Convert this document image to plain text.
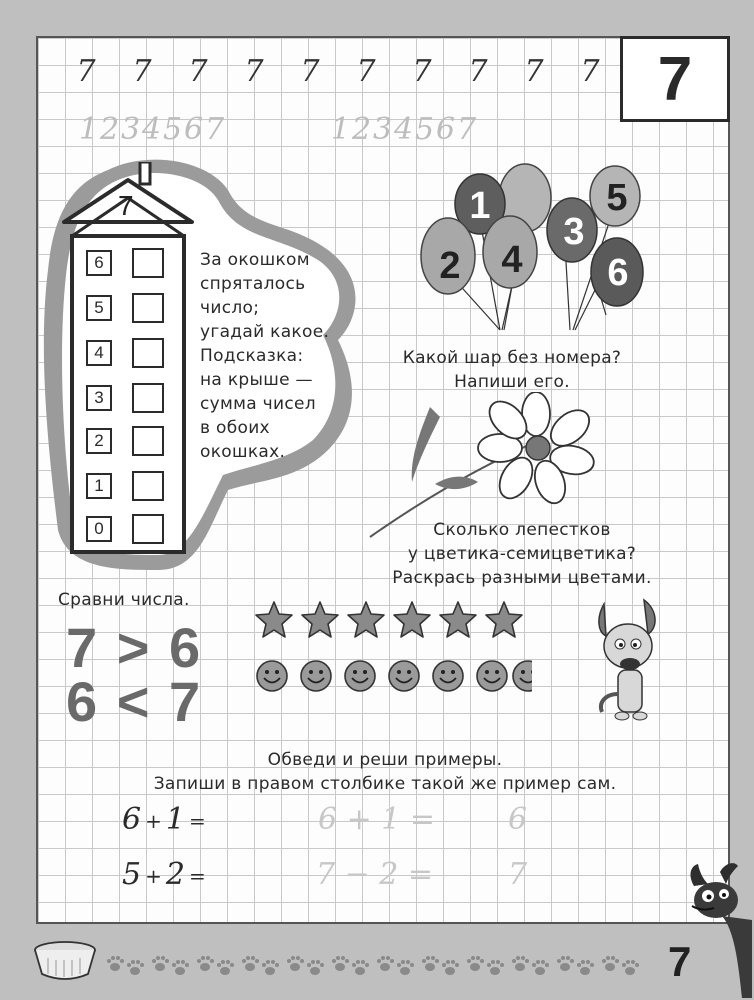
7
7 7 7 7 7 7 7 7 7 7
1234567	1234567
7
6
5
4
3
2
1
0
За окошком
спряталось
число;
угадай какое.
Подсказка:
на крыше —
сумма чисел
в обоих
окошках.
1	5
2 4
3
6
Какой шар без номера?
Напиши его.
Сколько лепестков
у цветика-семицветика?
Раскрась разными цветами.
Сравни числа.
7 > 6
6 < 7
Обведи и реши примеры.
Запиши в правом столбике такой же пример сам.
6 + 1 =	6 + 1 = 6
5 + 2 =	7 − 2 = 7
7
